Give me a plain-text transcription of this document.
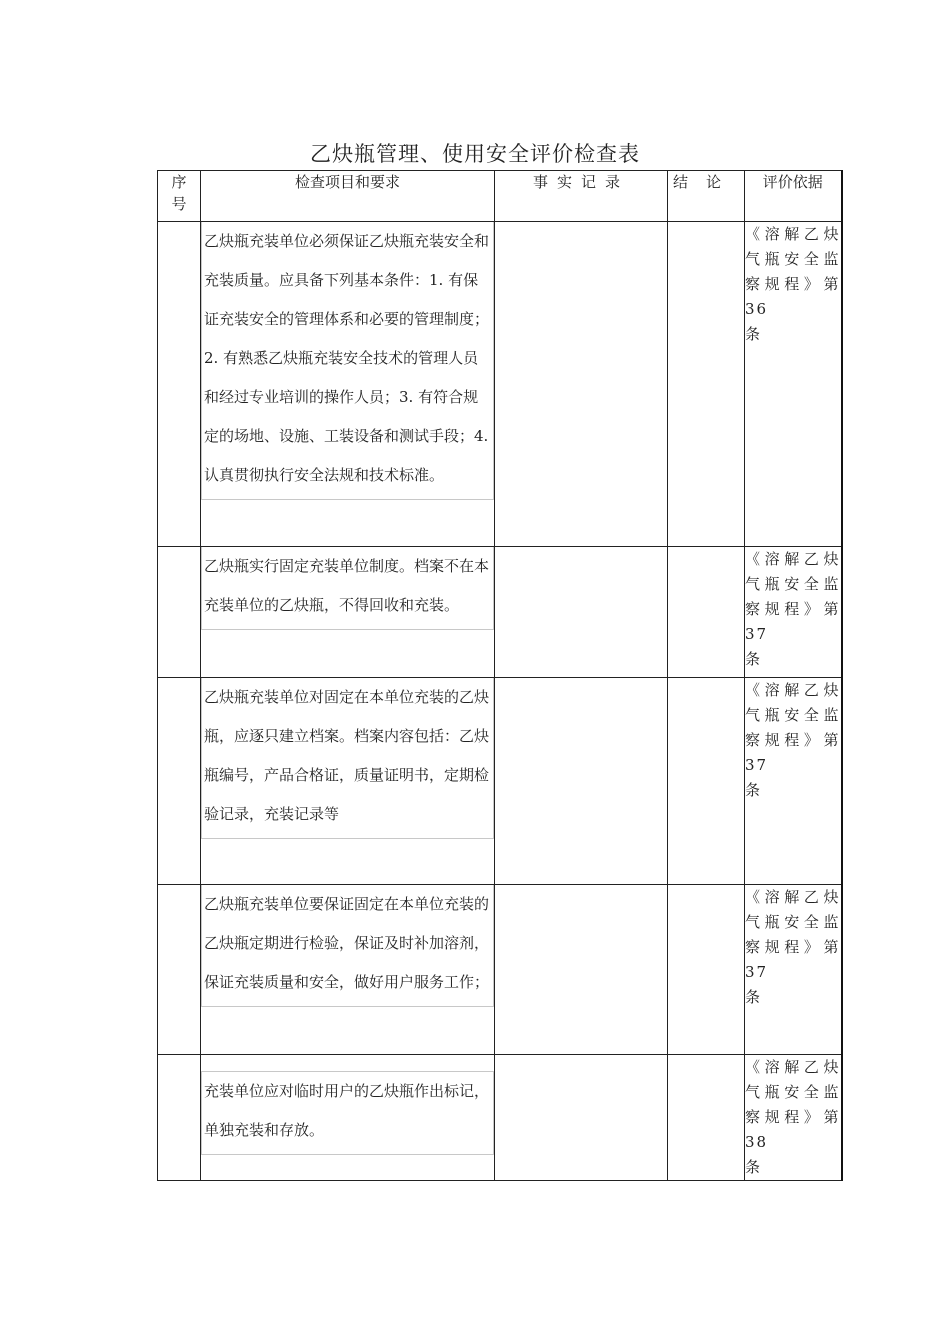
乙炔瓶管理、使用安全评价检查表
序
号	检查项目和要求	事实记录	结论	评价依据

	乙炔瓶充装单位必须保证乙炔瓶充装安全和充装质量。应具备下列基本条件：1. 有保证充装安全的管理体系和必要的管理制度；2. 有熟悉乙炔瓶充装安全技术的管理人员和经过专业培训的操作人员；3. 有符合规定的场地、设施、工装设备和测试手段；4. 认真贯彻执行安全法规和技术标准。			《溶解乙炔气瓶安全监察规程》第 36
条

	乙炔瓶实行固定充装单位制度。档案不在本充装单位的乙炔瓶，不得回收和充装。			《溶解乙炔气瓶安全监察规程》第 37
条

	乙炔瓶充装单位对固定在本单位充装的乙炔瓶，应逐只建立档案。档案内容包括：乙炔瓶编号，产品合格证，质量证明书，定期检验记录，充装记录等			《溶解乙炔气瓶安全监察规程》第 37
条

	乙炔瓶充装单位要保证固定在本单位充装的乙炔瓶定期进行检验，保证及时补加溶剂，保证充装质量和安全，做好用户服务工作；			《溶解乙炔气瓶安全监察规程》第 37
条

	充装单位应对临时用户的乙炔瓶作出标记，单独充装和存放。			《溶解乙炔气瓶安全监察规程》第 38
条
